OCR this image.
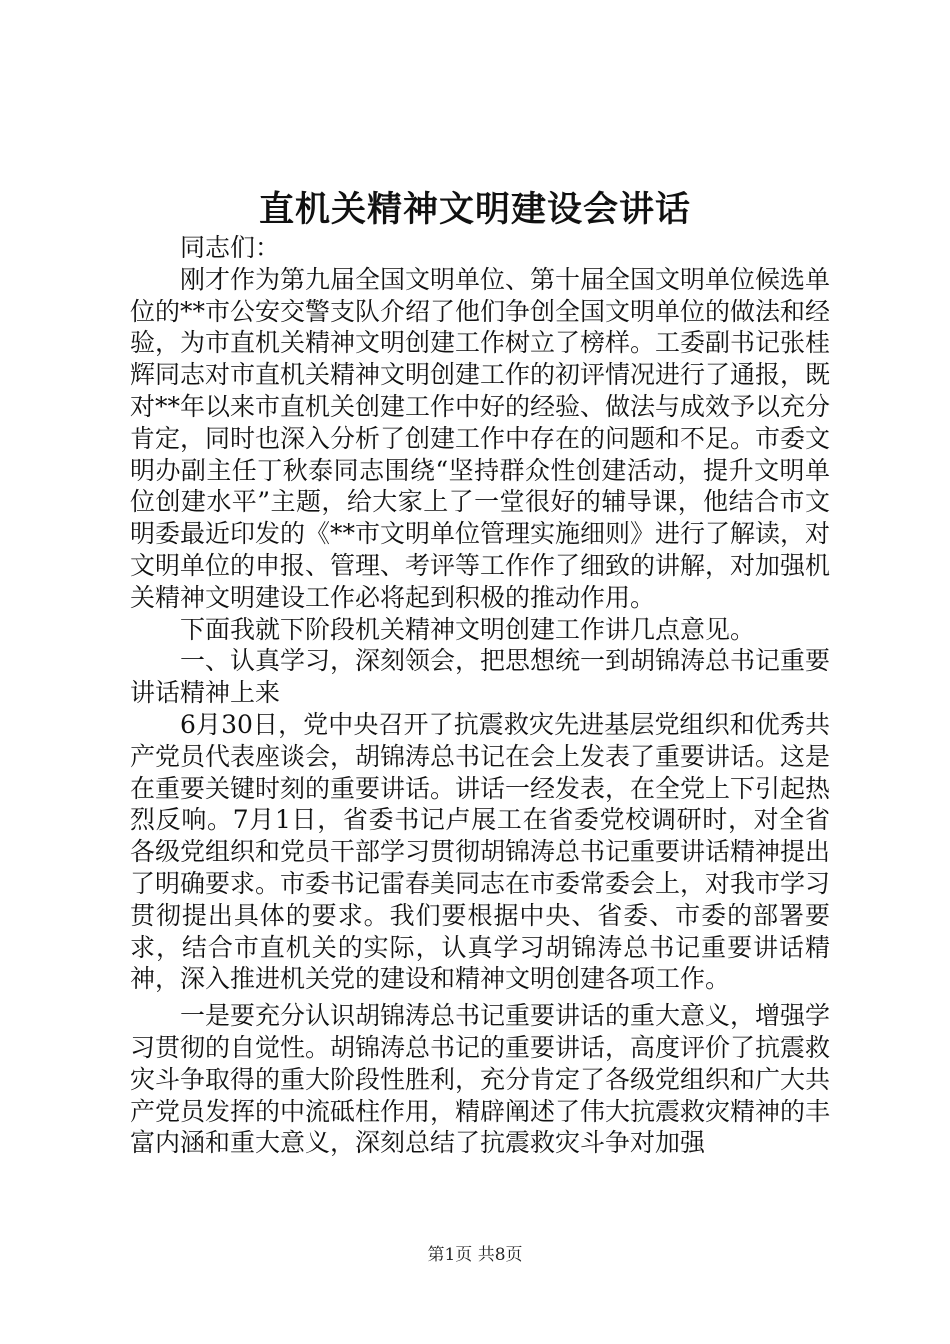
直机关精神文明建设会讲话

同志们：

刚才作为第九届全国文明单位、第十届全国文明单位候选单位的**市公安交警支队介绍了他们争创全国文明单位的做法和经验，为市直机关精神文明创建工作树立了榜样。工委副书记张桂辉同志对市直机关精神文明创建工作的初评情况进行了通报，既对**年以来市直机关创建工作中好的经验、做法与成效予以充分肯定，同时也深入分析了创建工作中存在的问题和不足。市委文明办副主任丁秋泰同志围绕“坚持群众性创建活动，提升文明单位创建水平”主题，给大家上了一堂很好的辅导课，他结合市文明委最近印发的《**市文明单位管理实施细则》进行了解读，对文明单位的申报、管理、考评等工作作了细致的讲解，对加强机关精神文明建设工作必将起到积极的推动作用。

下面我就下阶段机关精神文明创建工作讲几点意见。

一、认真学习，深刻领会，把思想统一到胡锦涛总书记重要讲话精神上来

6月30日，党中央召开了抗震救灾先进基层党组织和优秀共产党员代表座谈会，胡锦涛总书记在会上发表了重要讲话。这是在重要关键时刻的重要讲话。讲话一经发表，在全党上下引起热烈反响。7月1日，省委书记卢展工在省委党校调研时，对全省各级党组织和党员干部学习贯彻胡锦涛总书记重要讲话精神提出了明确要求。市委书记雷春美同志在市委常委会上，对我市学习贯彻提出具体的要求。我们要根据中央、省委、市委的部署要求，结合市直机关的实际，认真学习胡锦涛总书记重要讲话精神，深入推进机关党的建设和精神文明创建各项工作。

一是要充分认识胡锦涛总书记重要讲话的重大意义，增强学习贯彻的自觉性。胡锦涛总书记的重要讲话，高度评价了抗震救灾斗争取得的重大阶段性胜利，充分肯定了各级党组织和广大共产党员发挥的中流砥柱作用，精辟阐述了伟大抗震救灾精神的丰富内涵和重大意义，深刻总结了抗震救灾斗争对加强

第1页 共8页
